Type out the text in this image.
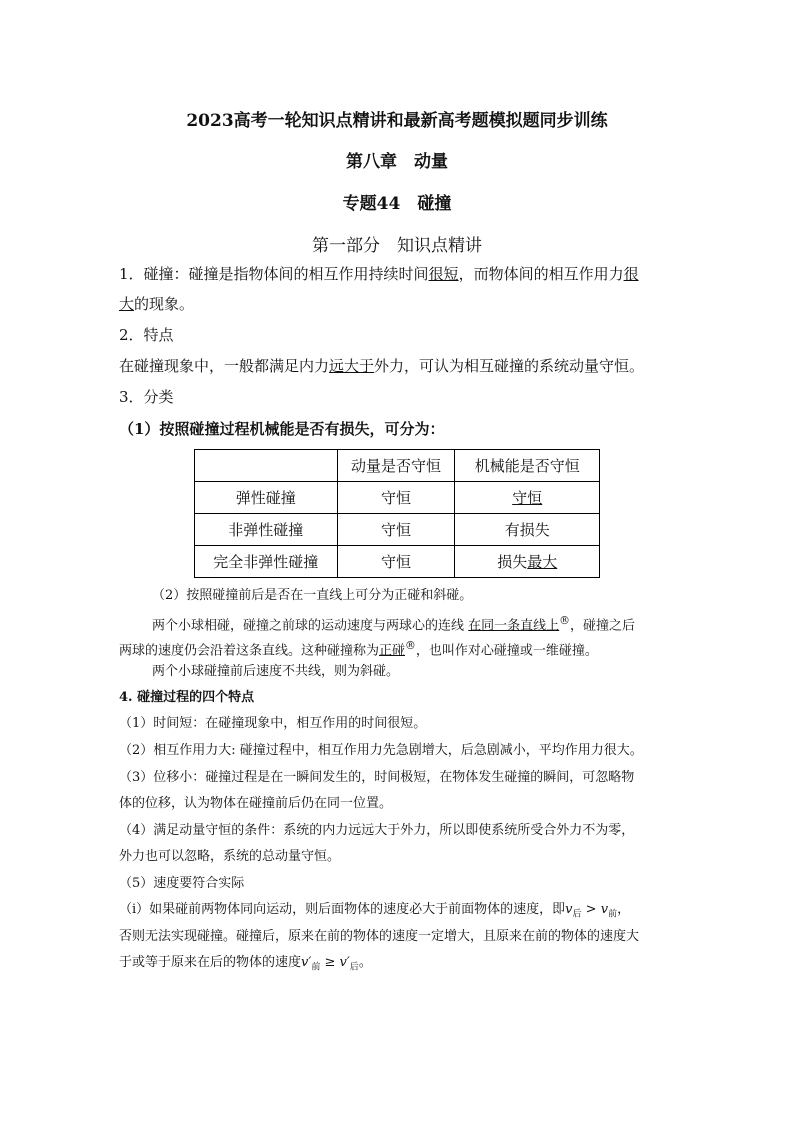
2023高考一轮知识点精讲和最新高考题模拟题同步训练
第八章　动量
专题44　碰撞
第一部分　知识点精讲
1．碰撞：碰撞是指物体间的相互作用持续时间很短，而物体间的相互作用力很
大的现象。
2．特点
在碰撞现象中，一般都满足内力远大于外力，可认为相互碰撞的系统动量守恒。
3．分类
（1）按照碰撞过程机械能是否有损失，可分为：
	动量是否守恒	机械能是否守恒
弹性碰撞	守恒	守恒
非弹性碰撞	守恒	有损失
完全非弹性碰撞	守恒	损失最大
（2）按照碰撞前后是否在一直线上可分为正碰和斜碰。
两个小球相碰，碰撞之前球的运动速度与两球心的连线 在同一条直线上®，碰撞之后
两球的速度仍会沿着这条直线。这种碰撞称为正碰®，也叫作对心碰撞或一维碰撞。
两个小球碰撞前后速度不共线，则为斜碰。
4. 碰撞过程的四个特点
（1）时间短：在碰撞现象中，相互作用的时间很短。
（2）相互作用力大: 碰撞过程中，相互作用力先急剧增大，后急剧减小，平均作用力很大。
（3）位移小：碰撞过程是在一瞬间发生的，时间极短，在物体发生碰撞的瞬间，可忽略物
体的位移，认为物体在碰撞前后仍在同一位置。
（4）满足动量守恒的条件：系统的内力远远大于外力，所以即使系统所受合外力不为零，
外力也可以忽略，系统的总动量守恒。
（5）速度要符合实际
（i）如果碰前两物体同向运动，则后面物体的速度必大于前面物体的速度，即$v_后 > v_前$，
否则无法实现碰撞。碰撞后，原来在前的物体的速度一定增大，且原来在前的物体的速度大
于或等于原来在后的物体的速度$v'_前 \ge v'_后$。
